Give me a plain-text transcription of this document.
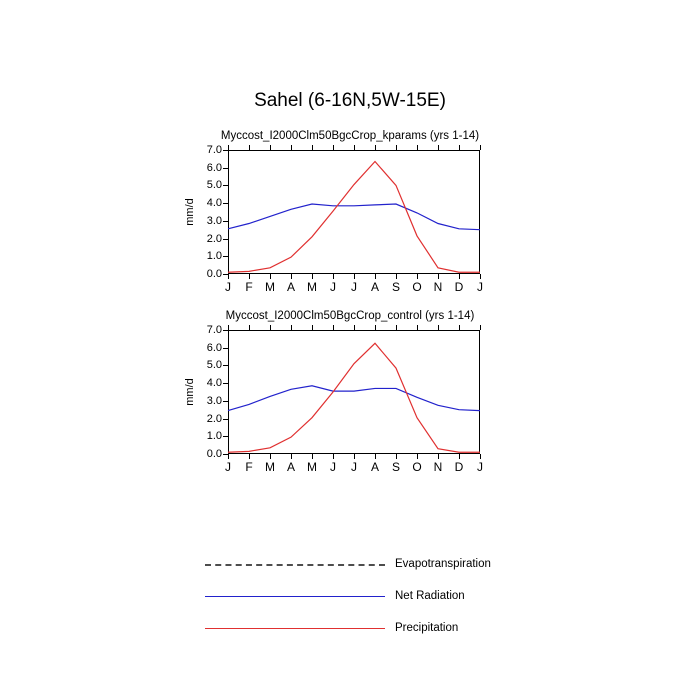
Sahel (6-16N,5W-15E)
Myccost_I2000Clm50BgcCrop_kparams (yrs 1-14)
mm/d
0.0
1.0
2.0
3.0
4.0
5.0
6.0
7.0
J F M A M J J A S O N D J
Myccost_I2000Clm50BgcCrop_control (yrs 1-14)
mm/d
0.0
1.0
2.0
3.0
4.0
5.0
6.0
7.0
J F M A M J J A S O N D J
Evapotranspiration
Net Radiation
Precipitation
